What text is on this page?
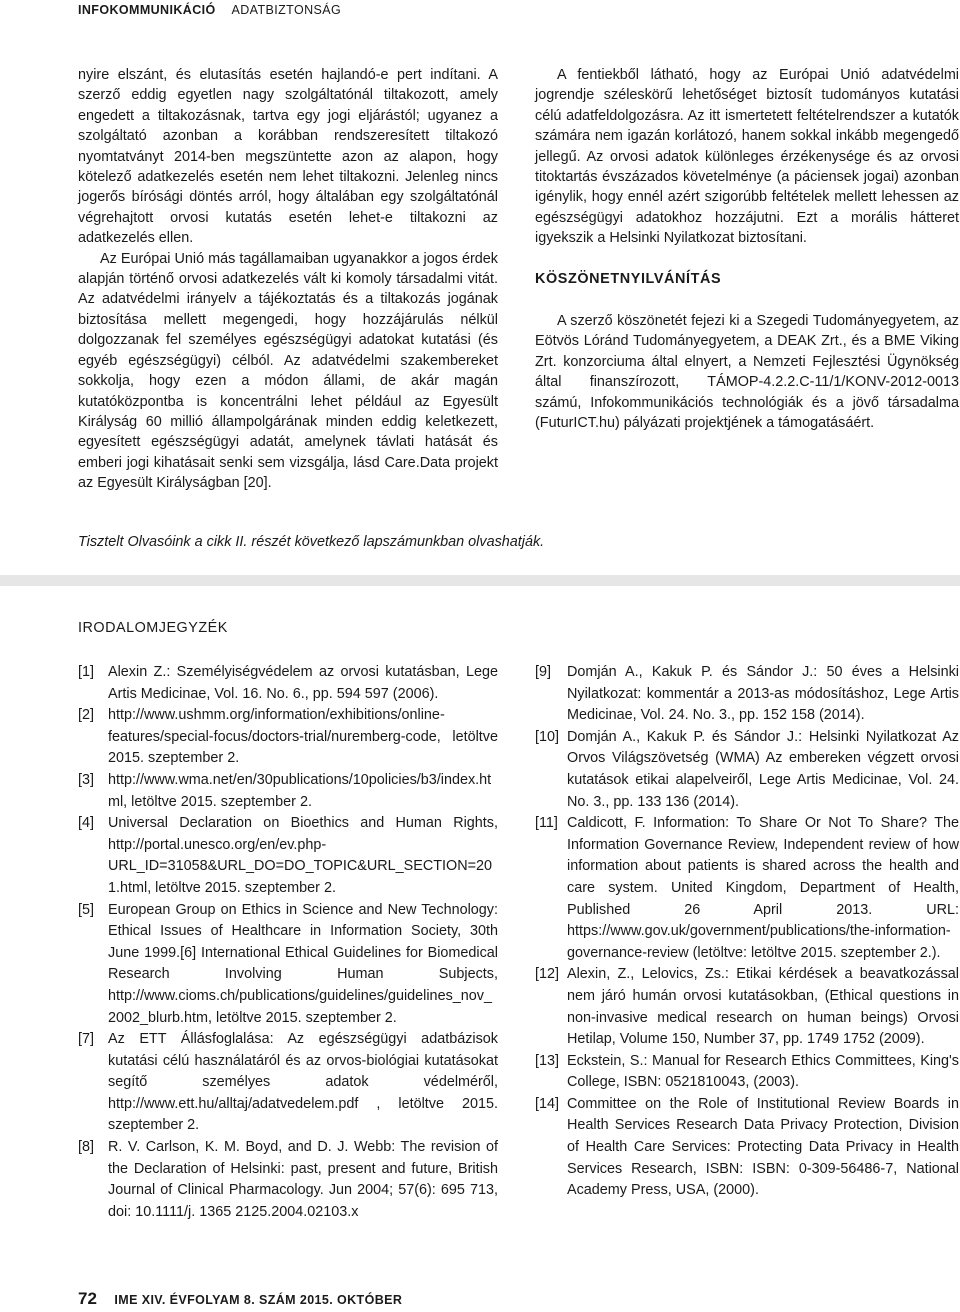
INFOKOMMUNIKÁCIÓ ADATBIZTONSÁG

nyire elszánt, és elutasítás esetén hajlandó-e pert indítani. A szerző eddig egyetlen nagy szolgáltatónál tiltakozott, amely engedett a tiltakozásnak, tartva egy jogi eljárástól; ugyanez a szolgáltató azonban a korábban rendszeresített tiltakozó nyomtatványt 2014-ben megszüntette azon az alapon, hogy kötelező adatkezelés esetén nem lehet tiltakozni. Jelenleg nincs jogerős bírósági döntés arról, hogy általában egy szolgáltatónál végrehajtott orvosi kutatás esetén lehet-e tiltakozni az adatkezelés ellen.

Az Európai Unió más tagállamaiban ugyanakkor a jogos érdek alapján történő orvosi adatkezelés vált ki komoly társadalmi vitát. Az adatvédelmi irányelv a tájékoztatás és a tiltakozás jogának biztosítása mellett megengedi, hogy hozzájárulás nélkül dolgozzanak fel személyes egészségügyi adatokat kutatási (és egyéb egészségügyi) célból. Az adatvédelmi szakembereket sokkolja, hogy ezen a módon állami, de akár magán kutatóközpontba is koncentrálni lehet például az Egyesült Királyság 60 millió állampolgárának minden eddig keletkezett, egyesített egészségügyi adatát, amelynek távlati hatását és emberi jogi kihatásait senki sem vizsgálja, lásd Care.Data projekt az Egyesült Királyságban [20].

A fentiekből látható, hogy az Európai Unió adatvédelmi jogrendje széleskörű lehetőséget biztosít tudományos kutatási célú adatfeldolgozásra. Az itt ismertetett feltételrendszer a kutatók számára nem igazán korlátozó, hanem sokkal inkább megengedő jellegű. Az orvosi adatok különleges érzékenysége és az orvosi titoktartás évszázados követelménye (a páciensek jogai) azonban igénylik, hogy ennél azért szigorúbb feltételek mellett lehessen az egészségügyi adatokhoz hozzájutni. Ezt a morális hátteret igyekszik a Helsinki Nyilatkozat biztosítani.

KÖSZÖNETNYILVÁNÍTÁS

A szerző köszönetét fejezi ki a Szegedi Tudományegyetem, az Eötvös Lóránd Tudományegyetem, a DEAK Zrt., és a BME Viking Zrt. konzorciuma által elnyert, a Nemzeti Fejlesztési Ügynökség által finanszírozott, TÁMOP-4.2.2.C-11/1/KONV-2012-0013 számú, Infokommunikációs technológiák és a jövő társadalma (FuturICT.hu) pályázati projektjének a támogatásáért.

Tisztelt Olvasóink a cikk II. részét következő lapszámunkban olvashatják.
IRODALOMJEGYZÉK
[1] Alexin Z.: Személyiségvédelem az orvosi kutatásban, Lege Artis Medicinae, Vol. 16. No. 6., pp. 594 597 (2006).
[2] http://www.ushmm.org/information/exhibitions/online-features/special-focus/doctors-trial/nuremberg-code, letöltve 2015. szeptember 2.
[3] http://www.wma.net/en/30publications/10policies/b3/index.html, letöltve 2015. szeptember 2.
[4] Universal Declaration on Bioethics and Human Rights, http://portal.unesco.org/en/ev.php-URL_ID=31058&URL_DO=DO_TOPIC&URL_SECTION=201.html, letöltve 2015. szeptember 2.
[5] European Group on Ethics in Science and New Technology: Ethical Issues of Healthcare in Information Society, 30th June 1999.[6] International Ethical Guidelines for Biomedical Research Involving Human Subjects, http://www.cioms.ch/publications/guidelines/guidelines_nov_2002_blurb.htm, letöltve 2015. szeptember 2.
[7] Az ETT Állásfoglalása: Az egészségügyi adatbázisok kutatási célú használatáról és az orvos-biológiai kutatásokat segítő személyes adatok védelméről, http://www.ett.hu/alltaj/adatvedelem.pdf , letöltve 2015. szeptember 2.
[8] R. V. Carlson, K. M. Boyd, and D. J. Webb: The revision of the Declaration of Helsinki: past, present and future, British Journal of Clinical Pharmacology. Jun 2004; 57(6): 695 713, doi: 10.1111/j. 1365 2125.2004.02103.x
[9]	Domján A., Kakuk P. és Sándor J.: 50 éves a Helsinki Nyilatkozat: kommentár a 2013-as módosításhoz, Lege Artis Medicinae, Vol. 24. No. 3., pp. 152 158 (2014).
[10] Domján A., Kakuk P. és Sándor J.: Helsinki Nyilatkozat Az Orvos Világszövetség (WMA) Az embereken végzett orvosi kutatások etikai alapelveiről, Lege Artis Medicinae, Vol. 24. No. 3., pp. 133 136 (2014).
[11] Caldicott, F. Information: To Share Or Not To Share? The Information Governance Review, Independent review of how information about patients is shared across the health and care system. United Kingdom, Department of Health, Published 26 April 2013. URL: https://www.gov.uk/government/publications/the-information-governance-review (letöltve: letöltve 2015. szeptember 2.).
[12] Alexin, Z., Lelovics, Zs.: Etikai kérdések a beavatkozással nem járó humán orvosi kutatásokban, (Ethical questions in non-invasive medical research on human beings) Orvosi Hetilap, Volume 150, Number 37, pp. 1749 1752 (2009).
[13] Eckstein, S.: Manual for Research Ethics Committees, King's College, ISBN: 0521810043, (2003).
[14] Committee on the Role of Institutional Review Boards in Health Services Research Data Privacy Protection, Division of Health Care Services: Protecting Data Privacy in Health Services Research, ISBN: ISBN: 0-309-56486-7, National Academy Press, USA, (2000).
72 IME XIV. ÉVFOLYAM 8. SZÁM 2015. OKTÓBER
